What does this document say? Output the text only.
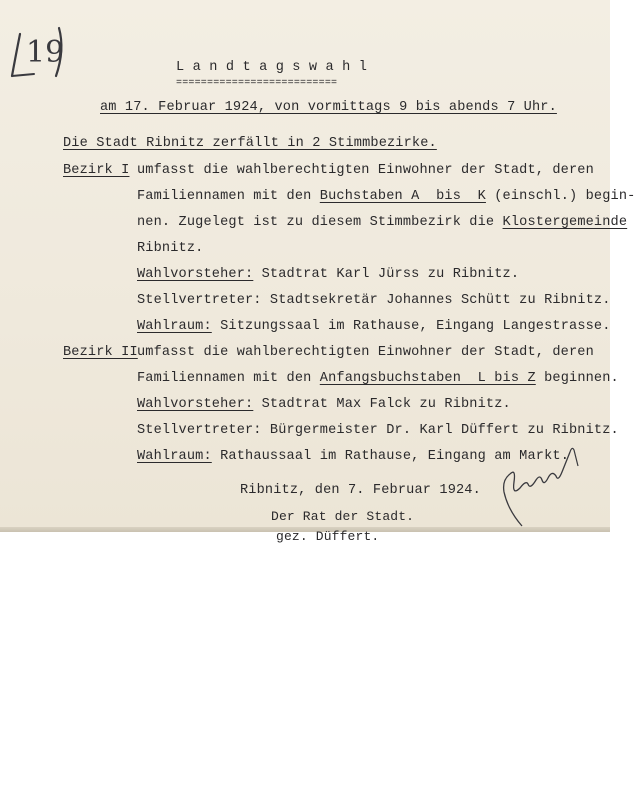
19	L a n d t a g s w a h l
==========================
am 17. Februar 1924, von vormittags 9 bis abends 7 Uhr.
Die Stadt Ribnitz zerfällt in 2 Stimmbezirke.
Bezirk I umfasst die wahlberechtigten Einwohner der Stadt, deren
Familiennamen mit den Buchstaben A  bis  K (einschl.) begin-
nen. Zugelegt ist zu diesem Stimmbezirk die Klostergemeinde
Ribnitz.
Wahlvorsteher: Stadtrat Karl Jürss zu Ribnitz.
Stellvertreter: Stadtsekretär Johannes Schütt zu Ribnitz.
Wahlraum: Sitzungssaal im Rathause, Eingang Langestrasse.
Bezirk II umfasst die wahlberechtigten Einwohner der Stadt, deren
Familiennamen mit den Anfangsbuchstaben  L bis Z beginnen.
Wahlvorsteher: Stadtrat Max Falck zu Ribnitz.
Stellvertreter: Bürgermeister Dr. Karl Düffert zu Ribnitz.
Wahlraum: Rathaussaal im Rathause, Eingang am Markt.
Ribnitz, den 7. Februar 1924.
Der Rat der Stadt.
gez. Düffert.
